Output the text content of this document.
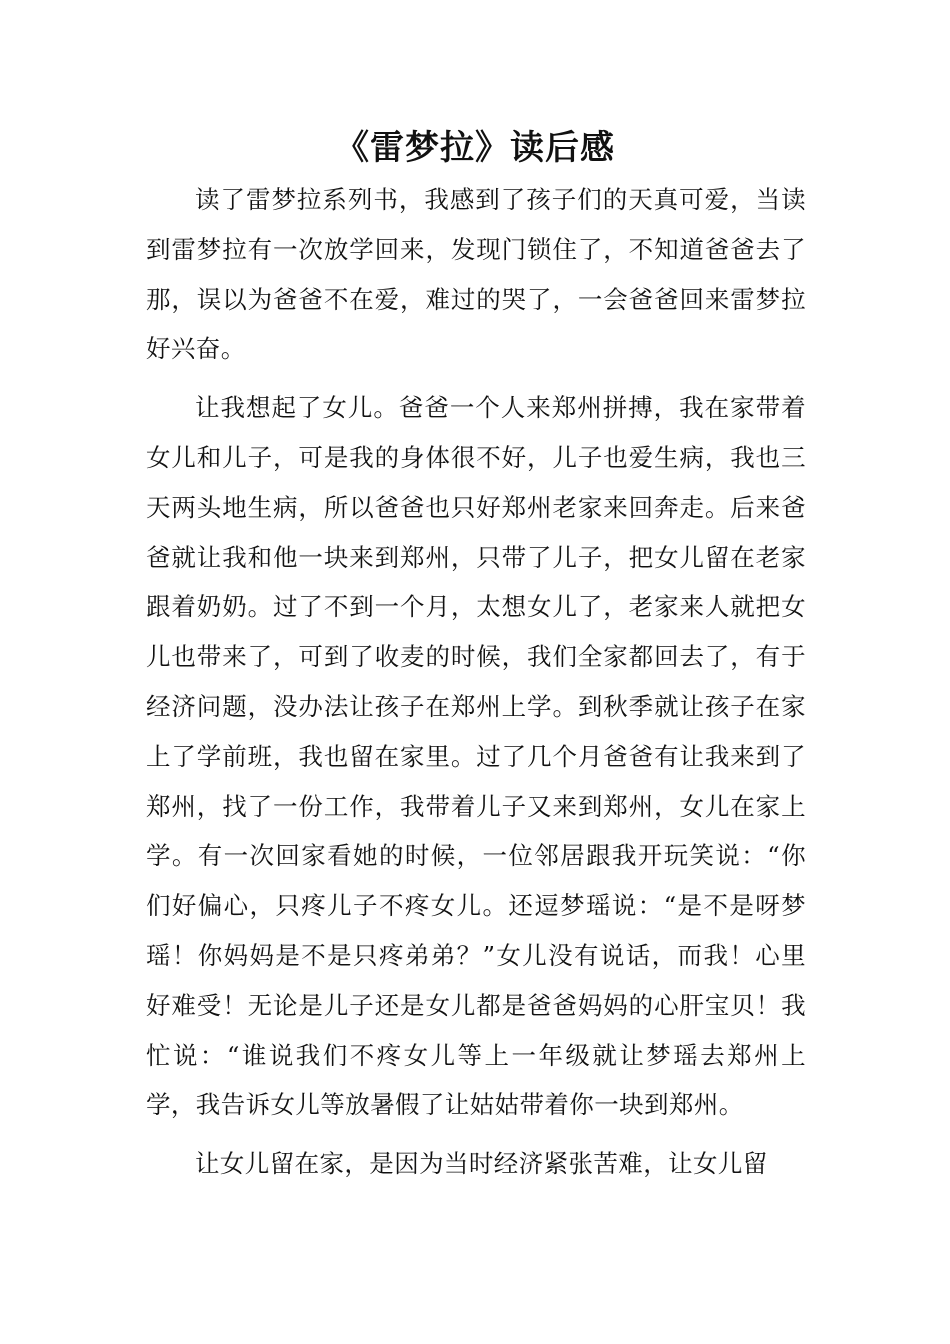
《雷梦拉》读后感

读了雷梦拉系列书，我感到了孩子们的天真可爱，当读到雷梦拉有一次放学回来，发现门锁住了，不知道爸爸去了那，误以为爸爸不在爱，难过的哭了，一会爸爸回来雷梦拉好兴奋。

让我想起了女儿。爸爸一个人来郑州拼搏，我在家带着女儿和儿子，可是我的身体很不好，儿子也爱生病，我也三天两头地生病，所以爸爸也只好郑州老家来回奔走。后来爸爸就让我和他一块来到郑州，只带了儿子，把女儿留在老家跟着奶奶。过了不到一个月，太想女儿了，老家来人就把女儿也带来了，可到了收麦的时候，我们全家都回去了，有于经济问题，没办法让孩子在郑州上学。到秋季就让孩子在家上了学前班，我也留在家里。过了几个月爸爸有让我来到了郑州，找了一份工作，我带着儿子又来到郑州，女儿在家上学。有一次回家看她的时候，一位邻居跟我开玩笑说：“你们好偏心，只疼儿子不疼女儿。还逗梦瑶说：“是不是呀梦瑶！你妈妈是不是只疼弟弟？”女儿没有说话，而我！心里好难受！无论是儿子还是女儿都是爸爸妈妈的心肝宝贝！我忙说：“谁说我们不疼女儿等上一年级就让梦瑶去郑州上学，我告诉女儿等放暑假了让姑姑带着你一块到郑州。

让女儿留在家，是因为当时经济紧张苦难，让女儿留
